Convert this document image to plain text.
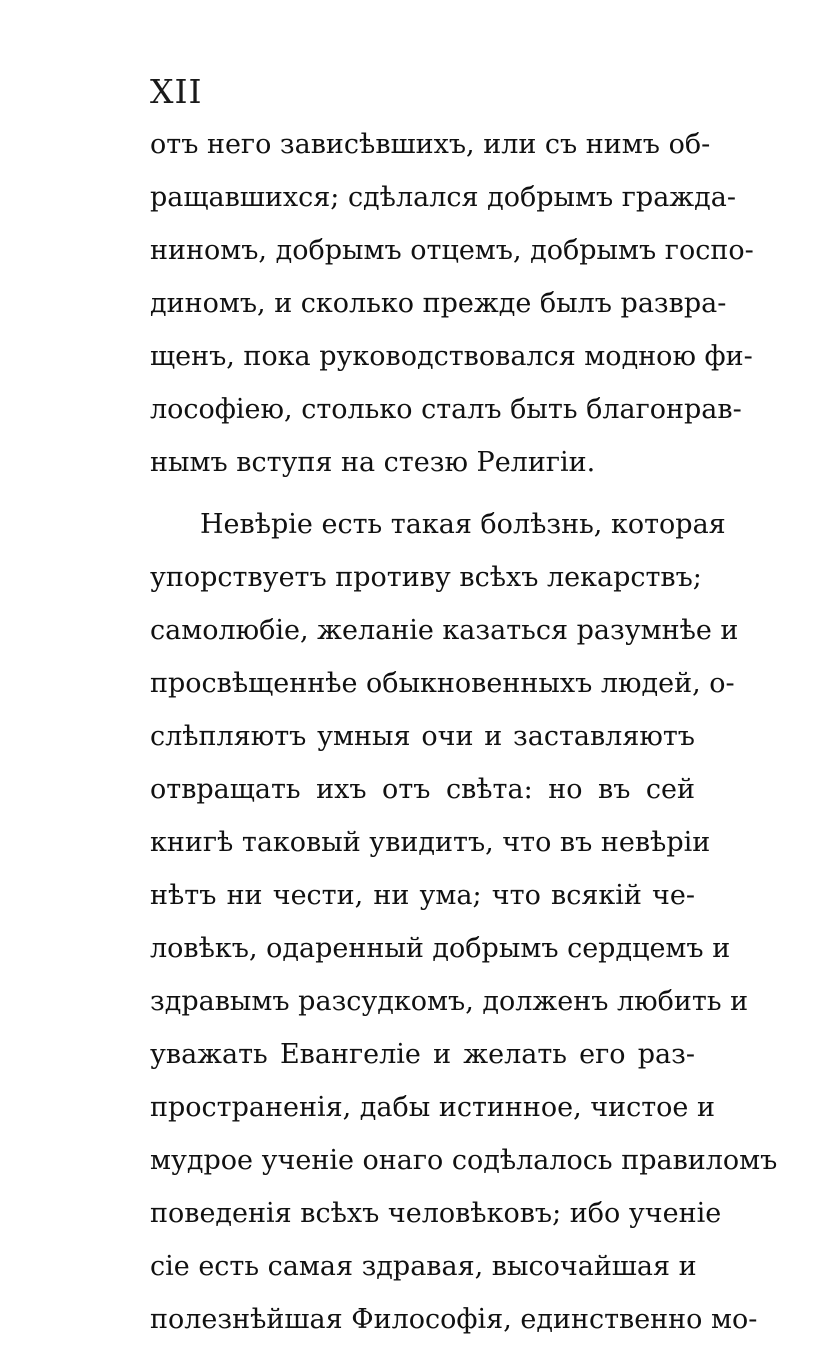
XII
отъ него зависѣвшихъ, или съ нимъ об-
ращавшихся; сдѣлался добрымъ гражда-
ниномъ, добрымъ отцемъ, добрымъ госпо-
диномъ, и сколько прежде былъ развра-
щенъ, пока руководствовался модною фи-
лософіею, столько сталъ быть благонрав-
нымъ вступя на стезю Религіи.
Невѣріе есть такая болѣзнь, которая
упорствуетъ противу всѣхъ лекарствъ;
самолюбіе, желаніе казаться разумнѣе и
просвѣщеннѣе обыкновенныхъ людей, о-
слѣпляютъ умныя очи и заставляютъ
отвращать ихъ отъ свѣта: но въ сей
книгѣ таковый увидитъ, что въ невѣріи
нѣтъ ни чести, ни ума; что всякій че-
ловѣкъ, одаренный добрымъ сердцемъ и
здравымъ разсудкомъ, долженъ любить и
уважать Евангеліе и желать его раз-
пространенія, дабы истинное, чистое и
мудрое ученіе онаго содѣлалось правиломъ
поведенія всѣхъ человѣковъ; ибо ученіе
сіе есть самая здравая, высочайшая и
полезнѣйшая Философія, единственно мо-
